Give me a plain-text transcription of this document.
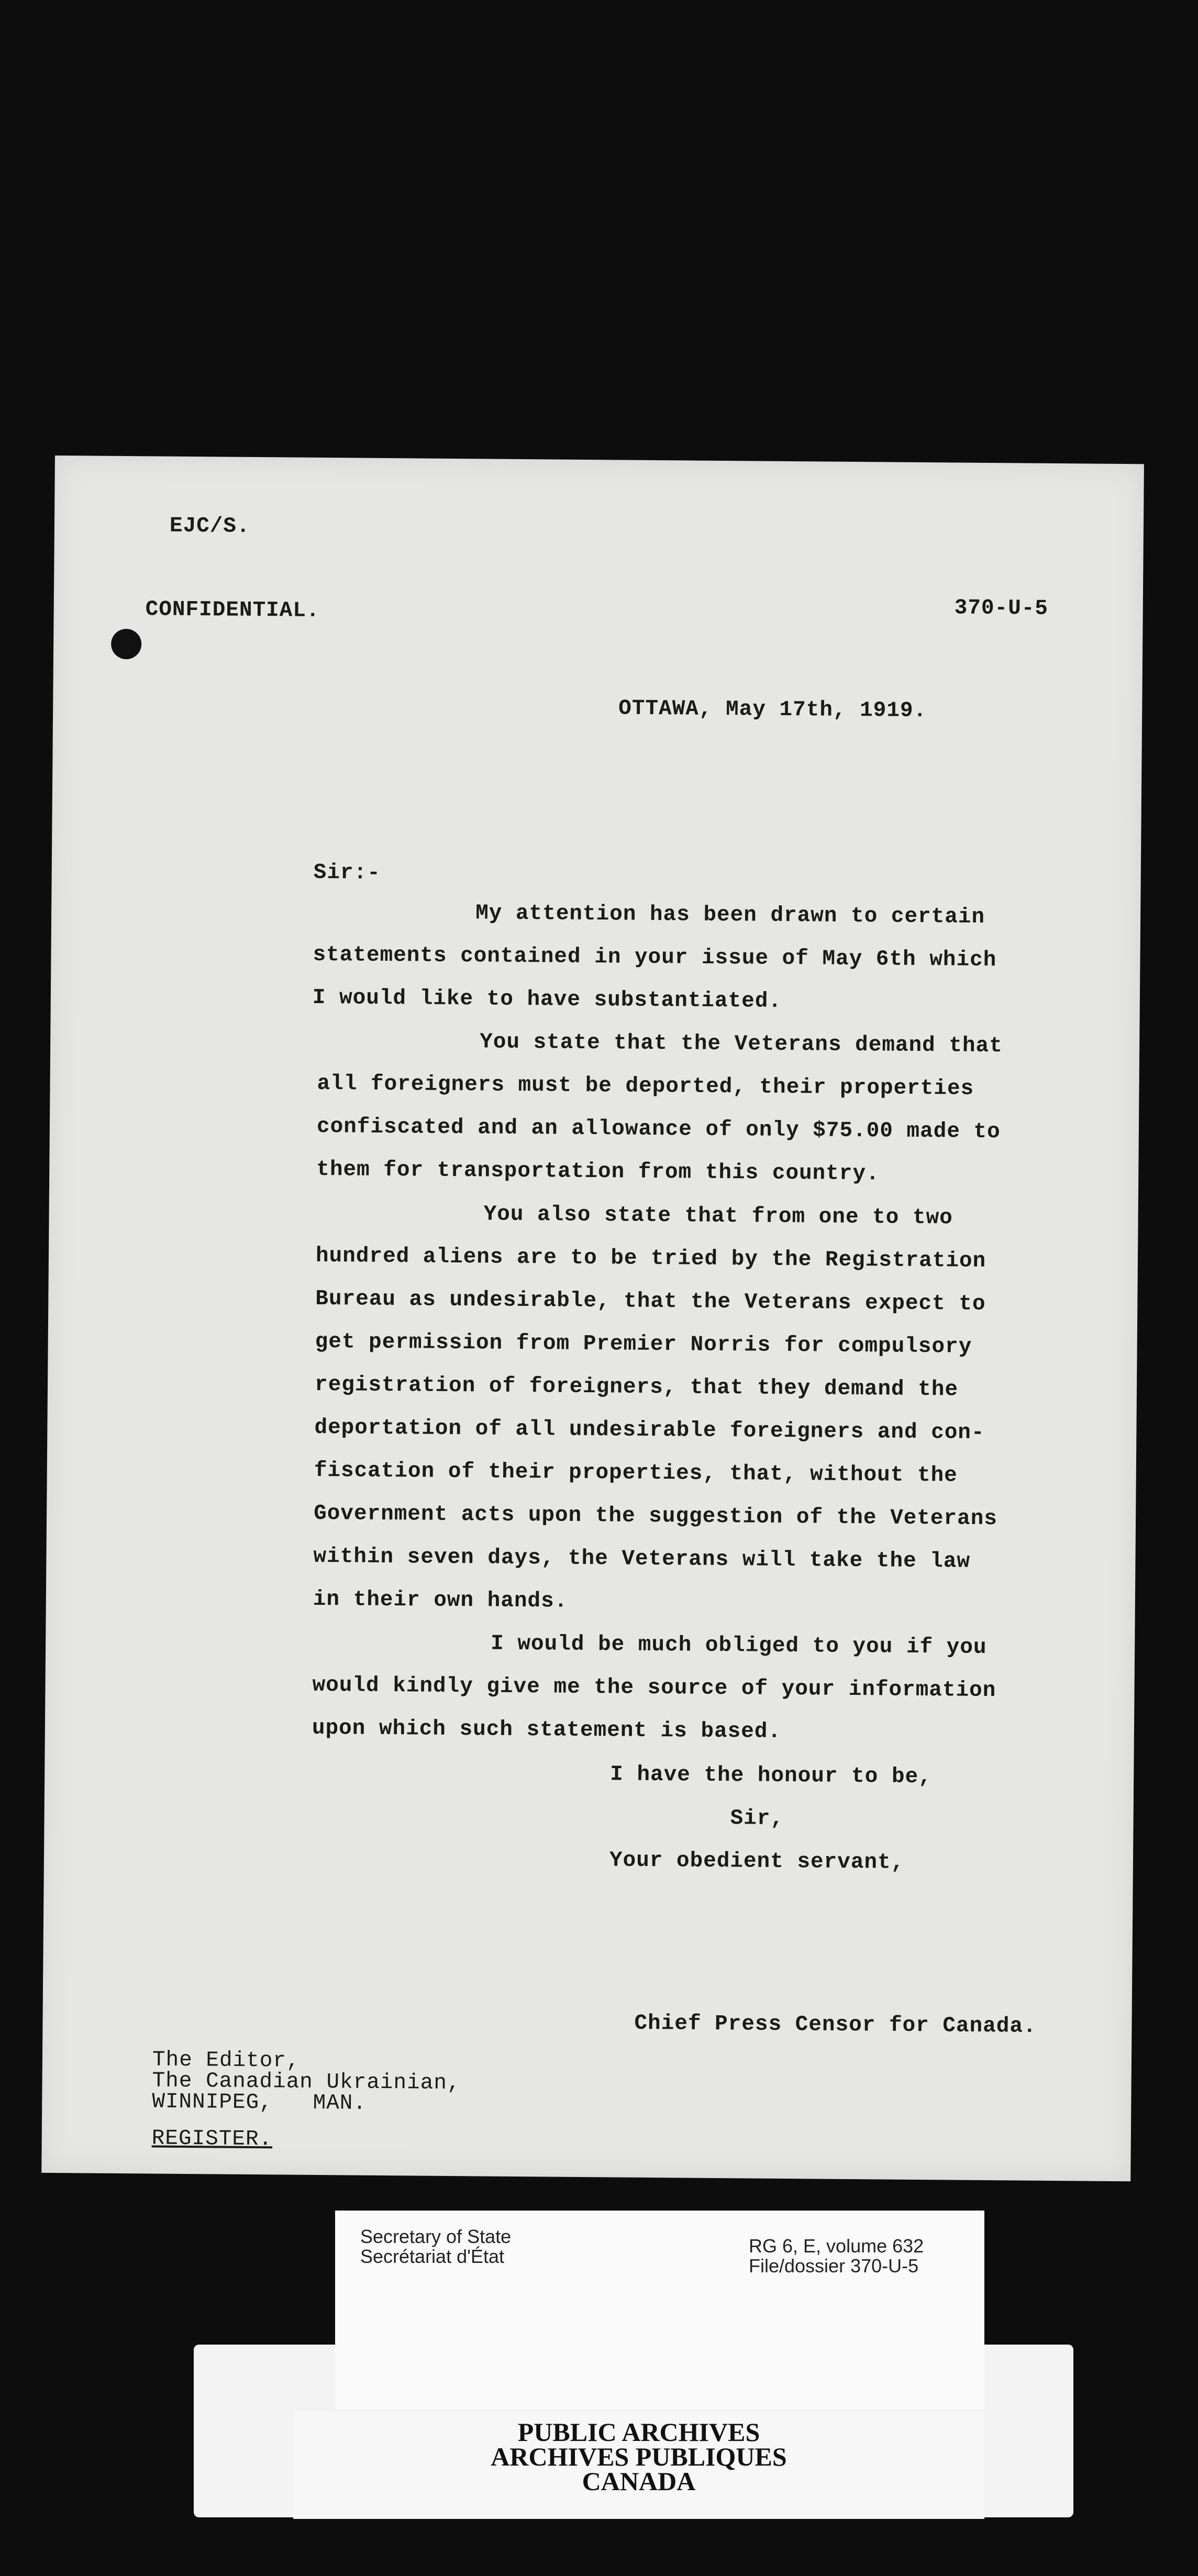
EJC/S.
CONFIDENTIAL.	370-U-5
OTTAWA, May 17th, 1919.
Sir:-
My attention has been drawn to certain
statements contained in your issue of May 6th which
I would like to have substantiated.
You state that the Veterans demand that
all foreigners must be deported, their properties
confiscated and an allowance of only $75.00 made to
them for transportation from this country.
You also state that from one to two
hundred aliens are to be tried by the Registration
Bureau as undesirable, that the Veterans expect to
get permission from Premier Norris for compulsory
registration of foreigners, that they demand the
deportation of all undesirable foreigners and con-
fiscation of their properties, that, without the
Government acts upon the suggestion of the Veterans
within seven days, the Veterans will take the law
in their own hands.
I would be much obliged to you if you
would kindly give me the source of your information
upon which such statement is based.
I have the honour to be,
Sir,
Your obedient servant,
Chief Press Censor for Canada.
The Editor,
The Canadian Ukrainian,
WINNIPEG,   MAN.
REGISTER.
Secretary of State
Secrétariat d'État	RG 6, E, volume 632
File/dossier 370-U-5
PUBLIC ARCHIVES
ARCHIVES PUBLIQUES
CANADA
